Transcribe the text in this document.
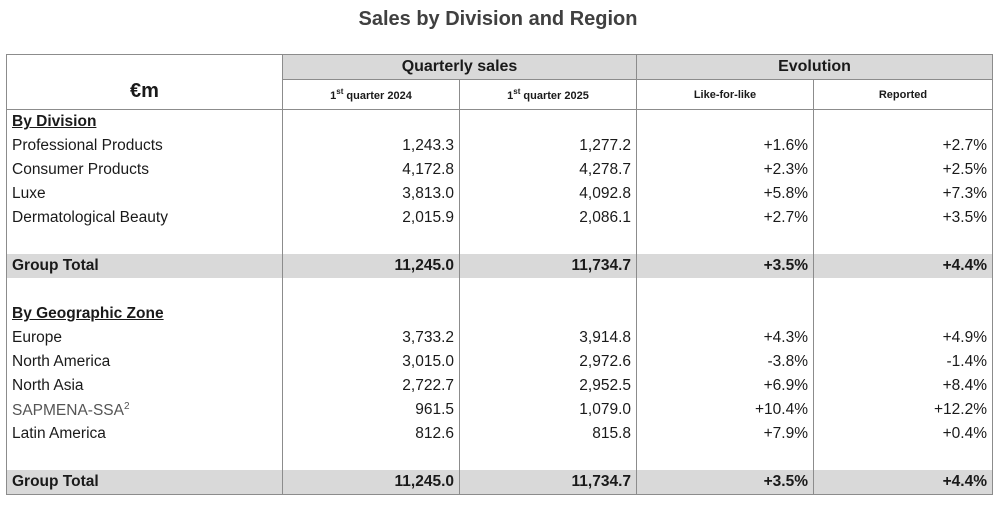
Sales by Division and Region
	Quarterly sales		Evolution	
€m	1st quarter 2024	1st quarter 2025	Like-for-like	Reported
By Division				
Professional Products	1,243.3	1,277.2	+1.6%	+2.7%
Consumer Products	4,172.8	4,278.7	+2.3%	+2.5%
Luxe	3,813.0	4,092.8	+5.8%	+7.3%
Dermatological Beauty	2,015.9	2,086.1	+2.7%	+3.5%

Group Total	11,245.0	11,734.7	+3.5%	+4.4%

By Geographic Zone				
Europe	3,733.2	3,914.8	+4.3%	+4.9%
North America	3,015.0	2,972.6	-3.8%	-1.4%
North Asia	2,722.7	2,952.5	+6.9%	+8.4%
SAPMENA-SSA$^2$	961.5	1,079.0	+10.4%	+12.2%
Latin America	812.6	815.8	+7.9%	+0.4%

Group Total	11,245.0	11,734.7	+3.5%	+4.4%
